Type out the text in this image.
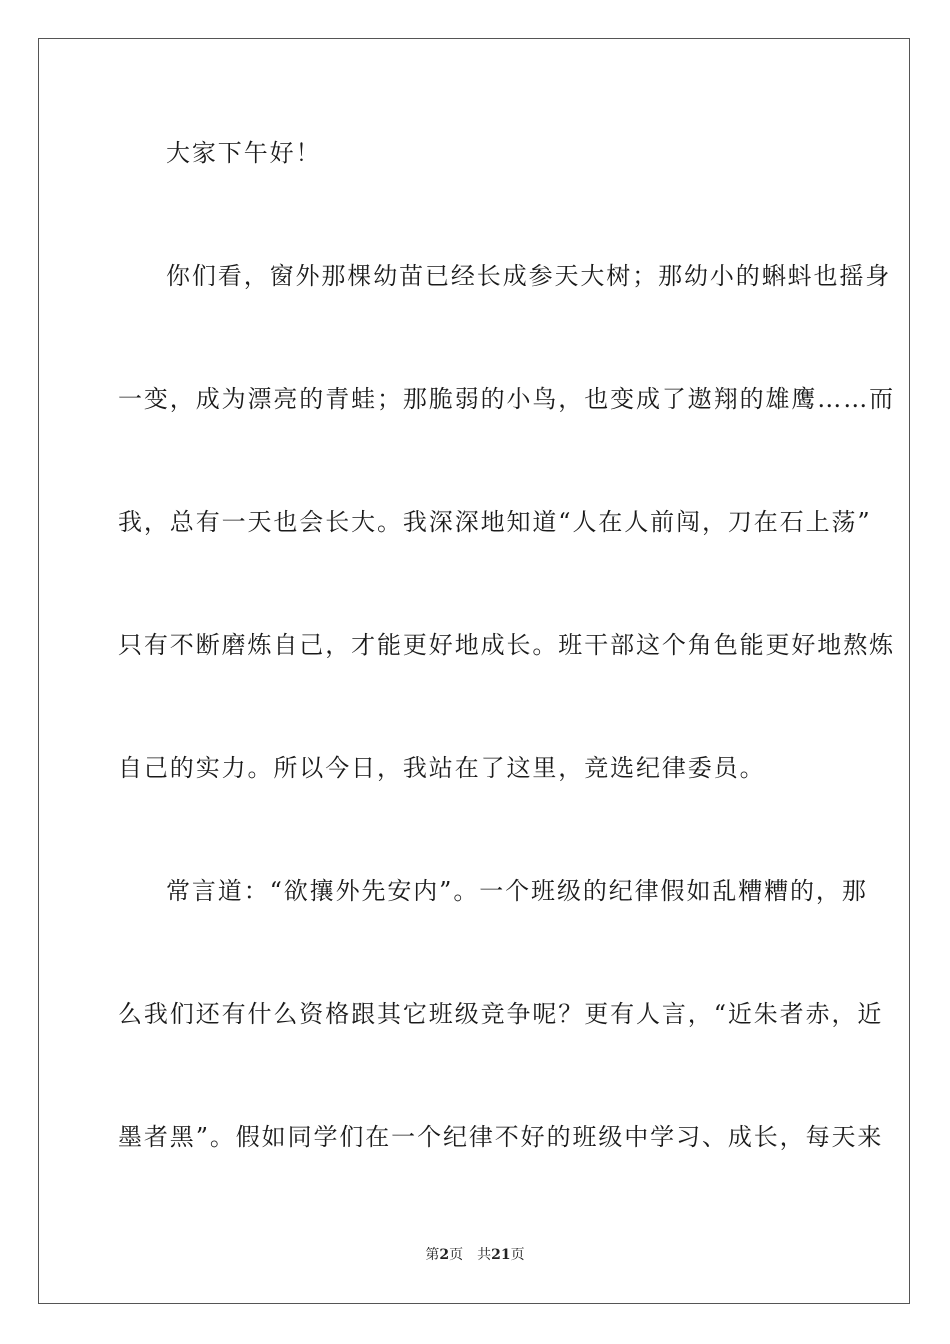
大家下午好！
你们看，窗外那棵幼苗已经长成参天大树；那幼小的蝌蚪也摇身
一变，成为漂亮的青蛙；那脆弱的小鸟，也变成了遨翔的雄鹰……而
我，总有一天也会长大。我深深地知道“人在人前闯，刀在石上荡”
只有不断磨炼自己，才能更好地成长。班干部这个角色能更好地熬炼
自己的实力。所以今日，我站在了这里，竞选纪律委员。
常言道：“欲攘外先安内”。一个班级的纪律假如乱糟糟的，那
么我们还有什么资格跟其它班级竞争呢？更有人言，“近朱者赤，近
墨者黑”。假如同学们在一个纪律不好的班级中学习、成长，每天来
第2页 共21页
